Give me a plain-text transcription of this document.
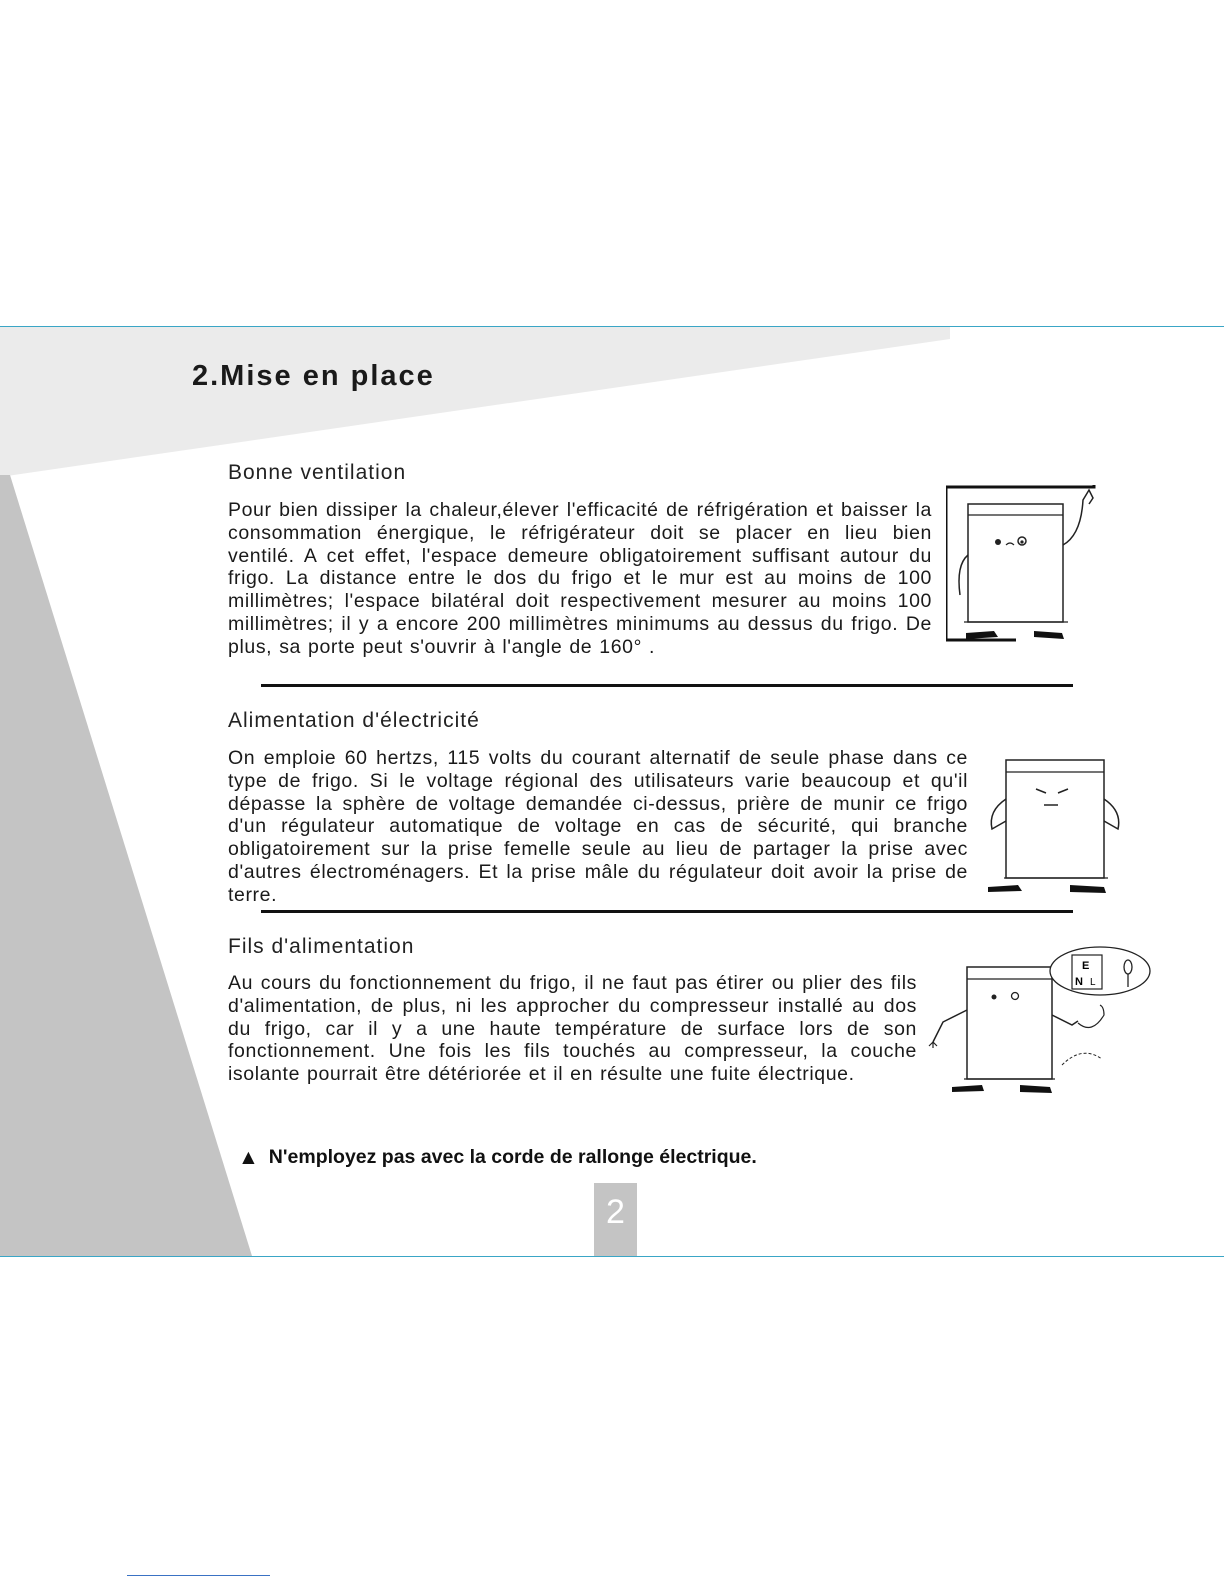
2.Mise en place
Bonne ventilation
Pour bien dissiper la chaleur,élever l'efficacité de réfrigération et baisser la consommation énergique, le réfrigérateur doit se placer en lieu bien ventilé. A cet effet, l'espace demeure obligatoirement suffisant autour du frigo. La distance entre le dos du frigo et le mur est au moins de 100 millimètres; l'espace bilatéral doit respectivement mesurer au moins 100 millimètres; il y a encore 200 millimètres minimums au dessus du frigo. De plus, sa porte peut s'ouvrir à l'angle de 160° .
Alimentation d'électricité
On emploie 60 hertzs, 115 volts du courant alternatif de seule phase dans ce type de frigo. Si le voltage régional des utilisateurs varie beaucoup et qu'il dépasse la sphère de voltage demandée ci-dessus, prière de munir ce frigo d'un régulateur automatique de voltage en cas de sécurité, qui branche obligatoirement sur la prise femelle seule au lieu de partager la prise avec d'autres électroménagers. Et la prise mâle du régulateur doit avoir la prise de terre.
Fils d'alimentation
Au cours du fonctionnement du frigo, il ne faut pas étirer ou plier des fils d'alimentation, de plus, ni les approcher du compresseur installé au dos du frigo, car il y a une haute température de surface lors de son fonctionnement. Une fois les fils touchés au compresseur, la couche isolante pourrait être détériorée et il en résulte une fuite électrique.
E
N L
▲ N'employez pas avec la corde de rallonge électrique.
2
